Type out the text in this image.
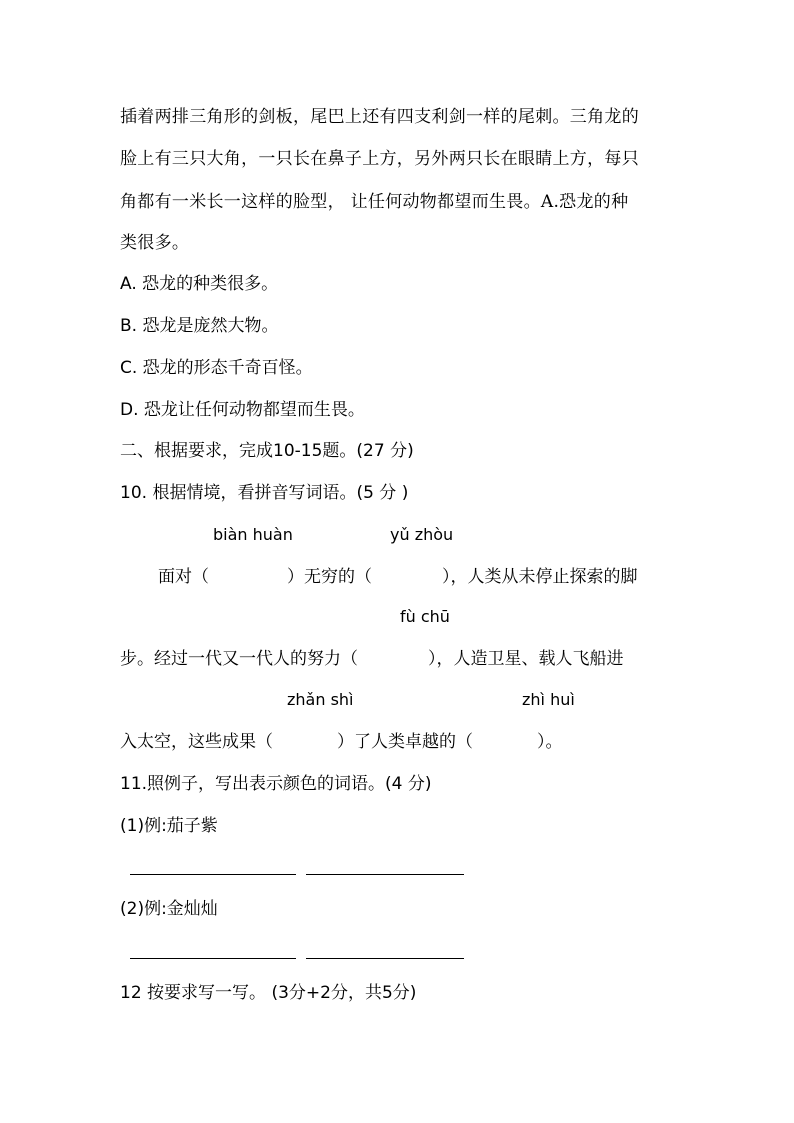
插着两排三角形的剑板，尾巴上还有四支利剑一样的尾刺。三角龙的
脸上有三只大角，一只长在鼻子上方，另外两只长在眼睛上方，每只
角都有一米长一这样的脸型， 让任何动物都望而生畏。A.恐龙的种
类很多。
A. 恐龙的种类很多。
B. 恐龙是庞然大物。
C. 恐龙的形态千奇百怪。
D. 恐龙让任何动物都望而生畏。
二、根据要求，完成10-15题。(27 分)
10. 根据情境，看拼音写词语。(5 分 )
biàn huàn	yǔ zhòu
面对（	）无穷的（	），人类从未停止探索的脚
fù chū
步。经过一代又一代人的努力（	），人造卫星、载人飞船进
zhǎn shì	zhì huì
入太空，这些成果（	）了人类卓越的（	）。
11.照例子，写出表示颜色的词语。(4 分)
(1)例:茄子紫
(2)例:金灿灿
12 按要求写一写。 (3分+2分，共5分)
